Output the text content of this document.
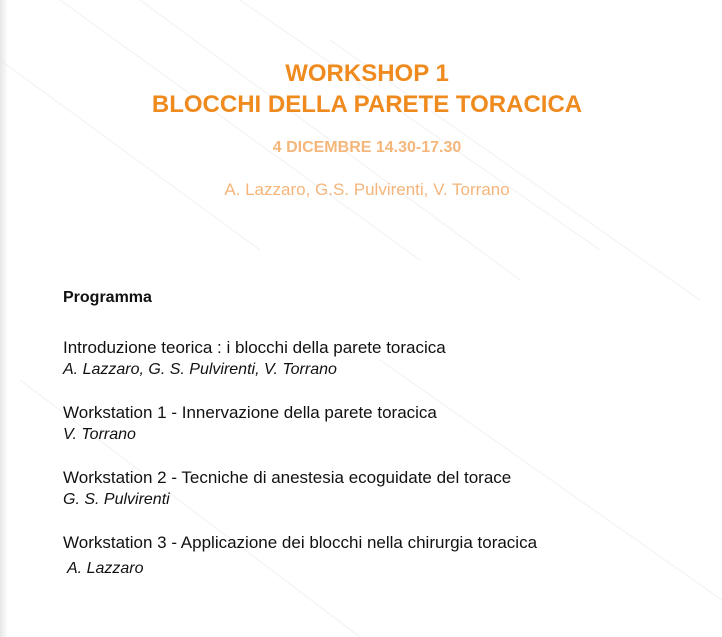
WORKSHOP 1

BLOCCHI DELLA PARETE TORACICA

4 DICEMBRE 14.30-17.30
A. Lazzaro, G.S. Pulvirenti, V. Torrano

Programma

Introduzione teorica : i blocchi della parete toracica
A. Lazzaro, G. S. Pulvirenti, V. Torrano
Workstation 1 - Innervazione della parete toracica
V. Torrano
Workstation 2 - Tecniche di anestesia ecoguidate del torace
G. S. Pulvirenti
Workstation 3 - Applicazione dei blocchi nella chirurgia toracica
A. Lazzaro
